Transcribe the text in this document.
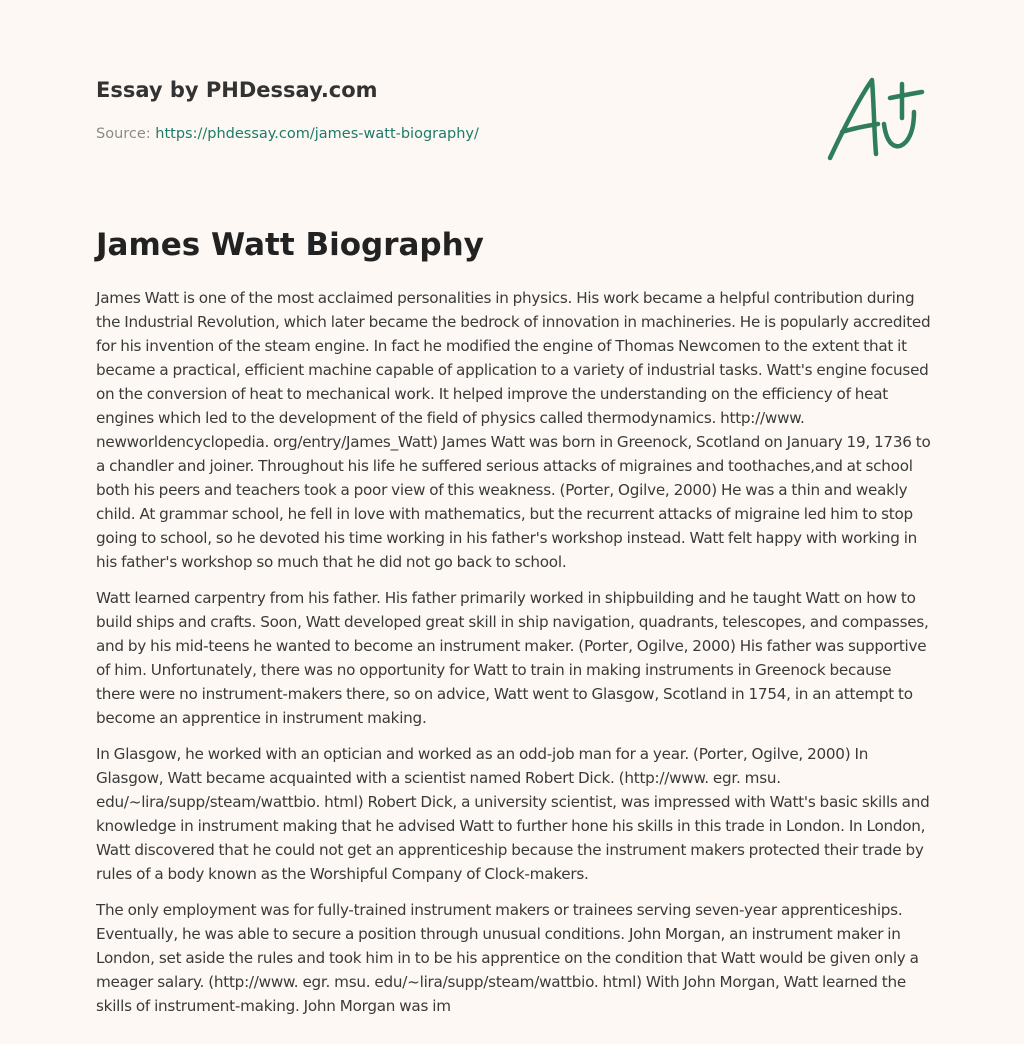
Essay by PHDessay.com
Source: https://phdessay.com/james-watt-biography/
James Watt Biography

James Watt is one of the most acclaimed personalities in physics. His work became a helpful contribution during the Industrial Revolution, which later became the bedrock of innovation in machineries. He is popularly accredited for his invention of the steam engine. In fact he modified the engine of Thomas Newcomen to the extent that it became a practical, efficient machine capable of application to a variety of industrial tasks. Watt's engine focused on the conversion of heat to mechanical work. It helped improve the understanding on the efficiency of heat engines which led to the development of the field of physics called thermodynamics. http://www. newworldencyclopedia. org/entry/James_Watt) James Watt was born in Greenock, Scotland on January 19, 1736 to a chandler and joiner. Throughout his life he suffered serious attacks of migraines and toothaches,and at school both his peers and teachers took a poor view of this weakness. (Porter, Ogilve, 2000) He was a thin and weakly child. At grammar school, he fell in love with mathematics, but the recurrent attacks of migraine led him to stop going to school, so he devoted his time working in his father's workshop instead. Watt felt happy with working in his father's workshop so much that he did not go back to school.

Watt learned carpentry from his father. His father primarily worked in shipbuilding and he taught Watt on how to build ships and crafts. Soon, Watt developed great skill in ship navigation, quadrants, telescopes, and compasses, and by his mid-teens he wanted to become an instrument maker. (Porter, Ogilve, 2000) His father was supportive of him. Unfortunately, there was no opportunity for Watt to train in making instruments in Greenock because there were no instrument-makers there, so on advice, Watt went to Glasgow, Scotland in 1754, in an attempt to become an apprentice in instrument making.

In Glasgow, he worked with an optician and worked as an odd-job man for a year. (Porter, Ogilve, 2000) In Glasgow, Watt became acquainted with a scientist named Robert Dick. (http://www. egr. msu. edu/~lira/supp/steam/wattbio. html) Robert Dick, a university scientist, was impressed with Watt's basic skills and knowledge in instrument making that he advised Watt to further hone his skills in this trade in London. In London, Watt discovered that he could not get an apprenticeship because the instrument makers protected their trade by rules of a body known as the Worshipful Company of Clock-makers.

The only employment was for fully-trained instrument makers or trainees serving seven-year apprenticeships. Eventually, he was able to secure a position through unusual conditions. John Morgan, an instrument maker in London, set aside the rules and took him in to be his apprentice on the condition that Watt would be given only a meager salary. (http://www. egr. msu. edu/~lira/supp/steam/wattbio. html) With John Morgan, Watt learned the skills of instrument-making. John Morgan was im
